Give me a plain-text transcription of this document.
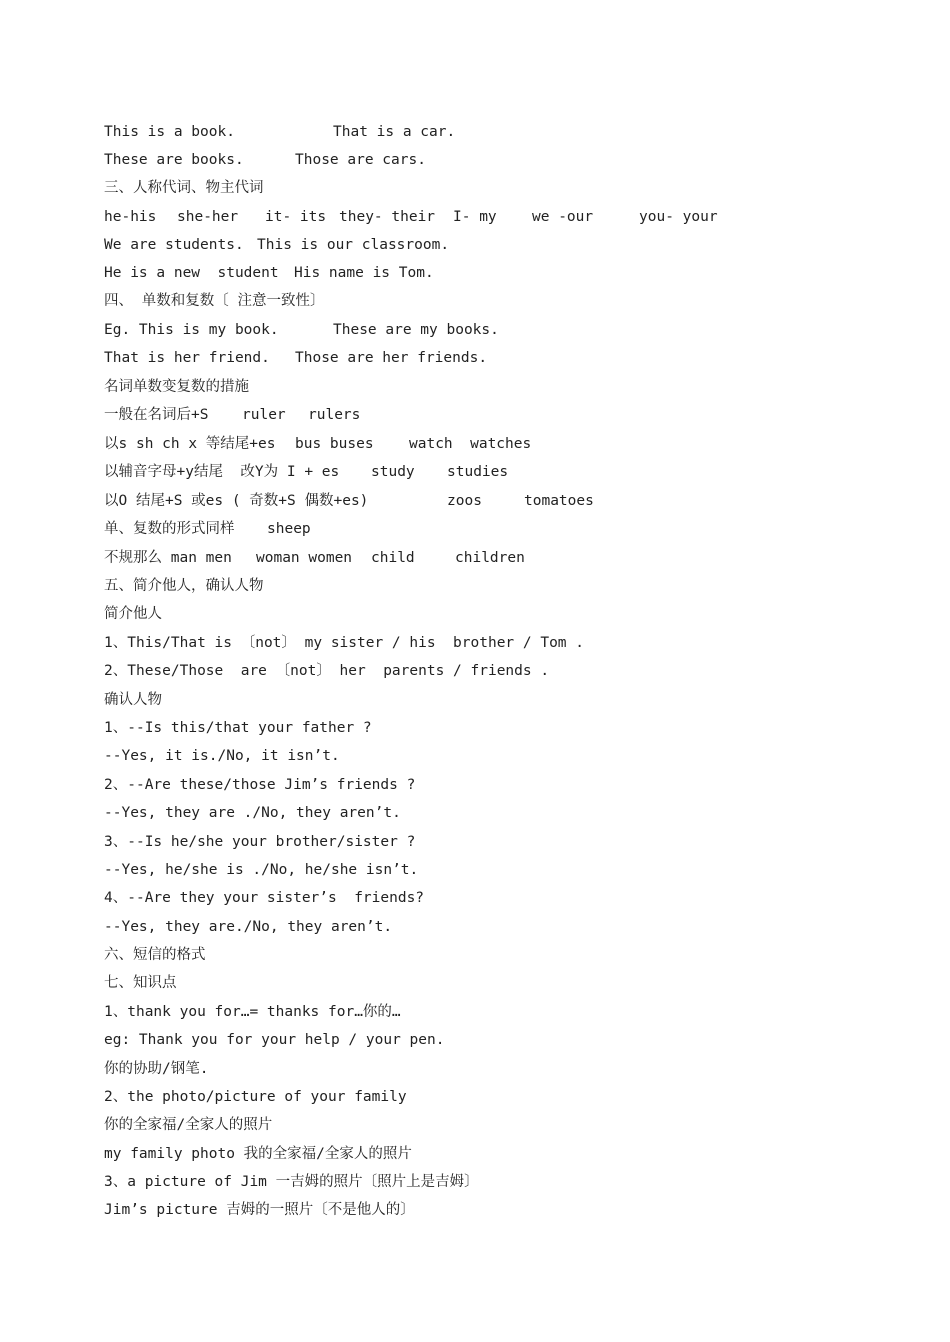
This is a book.

	That is a car.

These are books.

	Those are cars.

三、人称代词、物主代词

he-his

she-her

it- its

they- their

I- my

we -our

	you- your

We are students.

This is our classroom.

He is a new  student

His name is Tom.

四、 单数和复数〔 注意一致性〕

Eg. This is my book.

	These are my books.

That is her friend.

Those are her friends.

名词单数变复数的措施

一般在名词后+S

ruler

rulers

以s sh ch x 等结尾+es

bus buses

watch  watches

以辅音字母+y结尾  改Y为 I + es

study

studies

以O 结尾+S 或es ( 奇数+S 偶数+es)

	zoos

	tomatoes

单、复数的形式同样

sheep

不规那么 man men

woman women

child

	children

五、简介他人，确认人物
简介他人
1、This/That is 〔not〕 my sister / his  brother / Tom .
2、These/Those  are 〔not〕 her  parents / friends .
确认人物
1、--Is this/that your father ?
--Yes, it is./No, it isn’t.
2、--Are these/those Jim’s friends ?
--Yes, they are ./No, they aren’t.
3、--Is he/she your brother/sister ?
--Yes, he/she is ./No, he/she isn’t.
4、--Are they your sister’s  friends?
--Yes, they are./No, they aren’t.
六、短信的格式
七、知识点
1、thank you for…= thanks for…你的…
eg: Thank you for your help / your pen.
你的协助/钢笔.
2、the photo/picture of your family
你的全家福/全家人的照片
my family photo 我的全家福/全家人的照片
3、a picture of Jim 一吉姆的照片〔照片上是吉姆〕
Jim’s picture 吉姆的一照片〔不是他人的〕
